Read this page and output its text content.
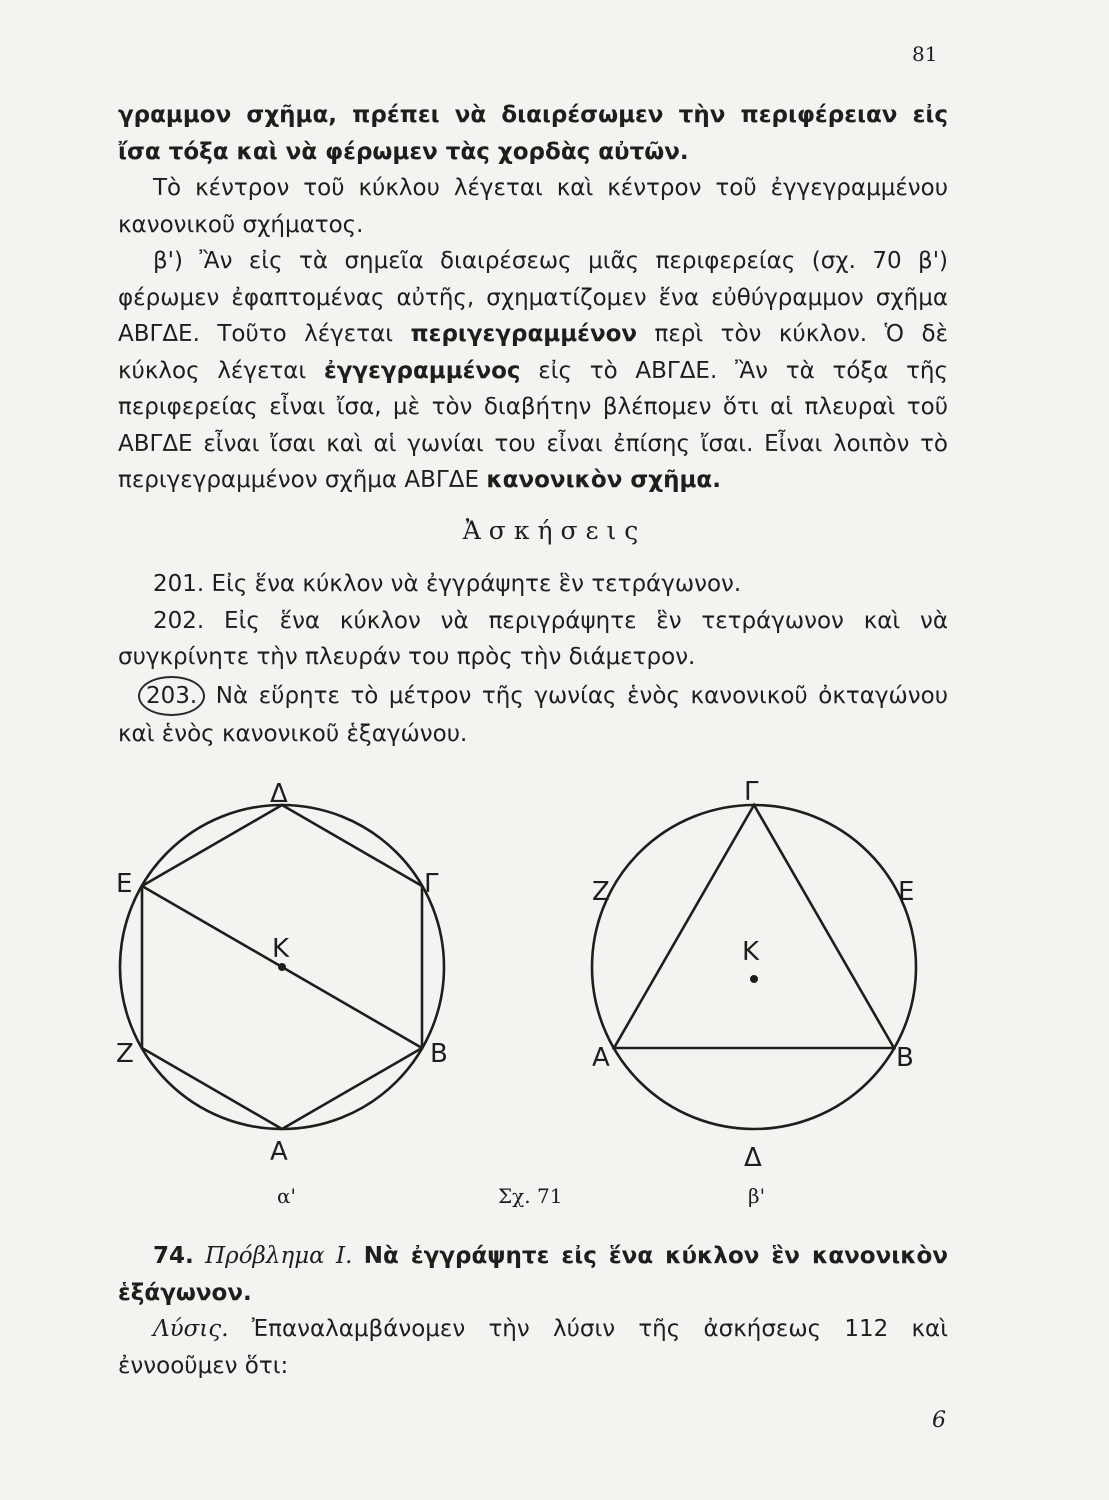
81

γραμμον σχῆμα, πρέπει νὰ διαιρέσωμεν τὴν περιφέρειαν εἰς ἴσα τόξα καὶ νὰ φέρωμεν τὰς χορδὰς αὐτῶν.

Τὸ κέντρον τοῦ κύκλου λέγεται καὶ κέντρον τοῦ ἐγγεγραμμένου κανονικοῦ σχήματος.

β') Ἂν εἰς τὰ σημεῖα διαιρέσεως μιᾶς περιφερείας (σχ. 70 β') φέρωμεν ἐφαπτομένας αὐτῆς, σχηματίζομεν ἕνα εὐθύγραμμον σχῆμα ΑΒΓΔΕ. Τοῦτο λέγεται περιγεγραμμένον περὶ τὸν κύκλον. Ὁ δὲ κύκλος λέγεται ἐγγεγραμμένος εἰς τὸ ΑΒΓΔΕ. Ἂν τὰ τόξα τῆς περιφερείας εἶναι ἴσα, μὲ τὸν διαβήτην βλέπομεν ὅτι αἱ πλευραὶ τοῦ ΑΒΓΔΕ εἶναι ἴσαι καὶ αἱ γωνίαι του εἶναι ἐπίσης ἴσαι. Εἶναι λοιπὸν τὸ περιγεγραμμένον σχῆμα ΑΒΓΔΕ κανονικὸν σχῆμα.

Ἀσκήσεις

201. Εἰς ἕνα κύκλον νὰ ἐγγράψητε ἓν τετράγωνον.

202. Εἰς ἕνα κύκλον νὰ περιγράψητε ἓν τετράγωνον καὶ νὰ συγκρίνητε τὴν πλευράν του πρὸς τὴν διάμετρον.

203. Νὰ εὕρητε τὸ μέτρον τῆς γωνίας ἑνὸς κανονικοῦ ὀκταγώνου καὶ ἑνὸς κανονικοῦ ἑξαγώνου.

Δ
Ε	Γ
Ζ	Β
Α
Κ
Γ
Ζ	Ε
Α	Β
Δ
Κ
α'	Σχ. 71	β'

74. Πρόβλημα Ι. Νὰ ἐγγράψητε εἰς ἕνα κύκλον ἓν κανονικὸν ἑξάγωνον.

Λύσις. Ἐπαναλαμβάνομεν τὴν λύσιν τῆς ἀσκήσεως 112 καὶ ἐννοοῦμεν ὅτι:

6
